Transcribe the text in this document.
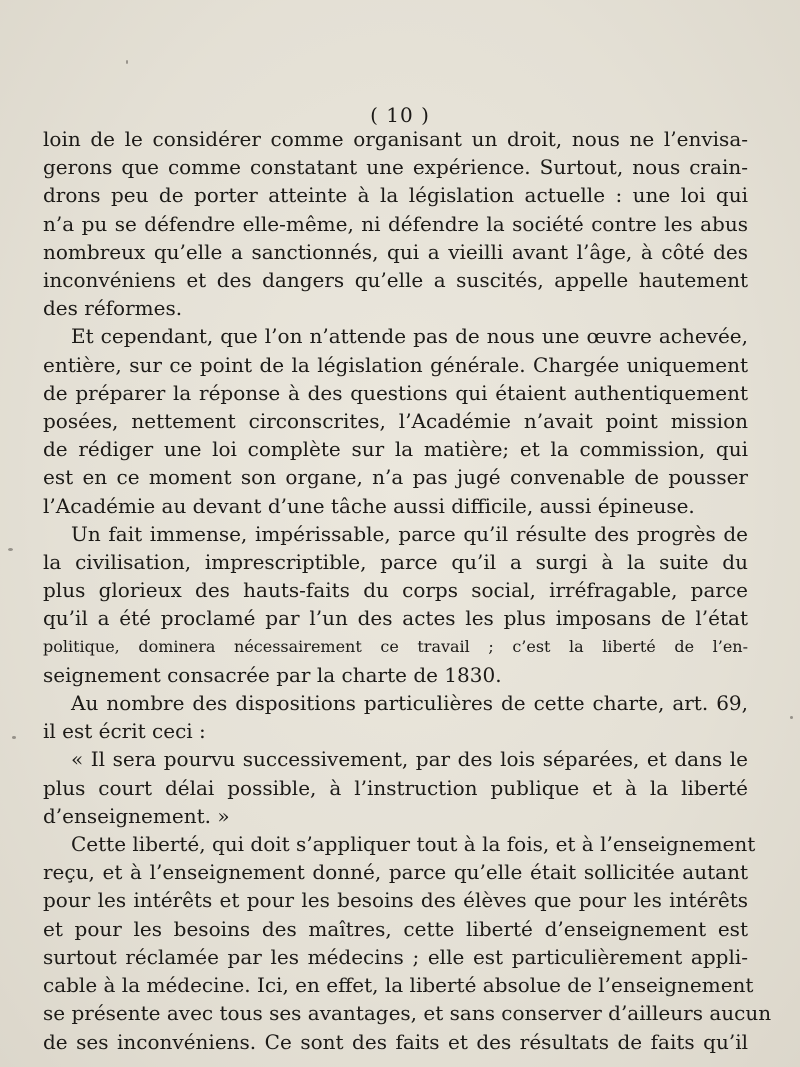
( 10 )
loin de le considérer comme organisant un droit, nous ne l’envisa-
gerons que comme constatant une expérience. Surtout, nous crain-
drons peu de porter atteinte à la législation actuelle : une loi qui
n’a pu se défendre elle-même, ni défendre la société contre les abus
nombreux qu’elle a sanctionnés, qui a vieilli avant l’âge, à côté des
inconvéniens et des dangers qu’elle a suscités, appelle hautement
des réformes.
Et cependant, que l’on n’attende pas de nous une œuvre achevée,
entière, sur ce point de la législation générale. Chargée uniquement
de préparer la réponse à des questions qui étaient authentiquement
posées, nettement circonscrites, l’Académie n’avait point mission
de rédiger une loi complète sur la matière; et la commission, qui
est en ce moment son organe, n’a pas jugé convenable de pousser
l’Académie au devant d’une tâche aussi difficile, aussi épineuse.
Un fait immense, impérissable, parce qu’il résulte des progrès de
la civilisation, imprescriptible, parce qu’il a surgi à la suite du
plus glorieux des hauts-faits du corps social, irréfragable, parce
qu’il a été proclamé par l’un des actes les plus imposans de l’état
politique, dominera nécessairement ce travail ; c’est la liberté de l’en-
seignement consacrée par la charte de 1830.
Au nombre des dispositions particulières de cette charte, art. 69,
il est écrit ceci :
« Il sera pourvu successivement, par des lois séparées, et dans le
plus court délai possible, à l’instruction publique et à la liberté
d’enseignement. »
Cette liberté, qui doit s’appliquer tout à la fois, et à l’enseignement
reçu, et à l’enseignement donné, parce qu’elle était sollicitée autant
pour les intérêts et pour les besoins des élèves que pour les intérêts
et pour les besoins des maîtres, cette liberté d’enseignement est
surtout réclamée par les médecins ; elle est particulièrement appli-
cable à la médecine. Ici, en effet, la liberté absolue de l’enseignement
se présente avec tous ses avantages, et sans conserver d’ailleurs aucun
de ses inconvéniens. Ce sont des faits et des résultats de faits qu’il
